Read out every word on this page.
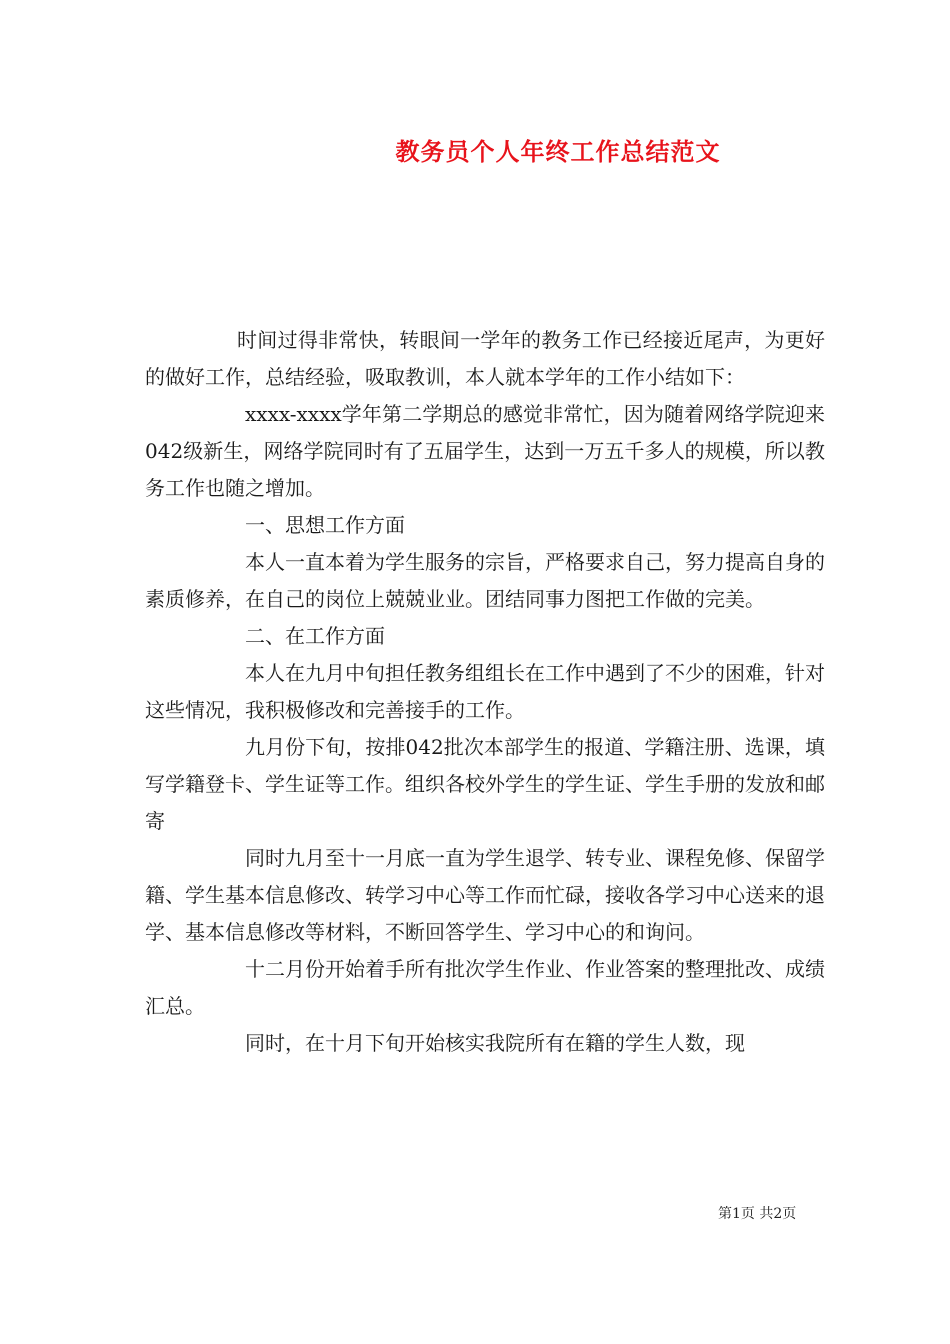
教务员个人年终工作总结范文

时间过得非常快，转眼间一学年的教务工作已经接近尾声，为更好的做好工作，总结经验，吸取教训，本人就本学年的工作小结如下：

xxxx-xxxx学年第二学期总的感觉非常忙，因为随着网络学院迎来042级新生，网络学院同时有了五届学生，达到一万五千多人的规模，所以教务工作也随之增加。

一、思想工作方面

本人一直本着为学生服务的宗旨，严格要求自己，努力提高自身的素质修养，在自己的岗位上兢兢业业。团结同事力图把工作做的完美。

二、在工作方面

本人在九月中旬担任教务组组长在工作中遇到了不少的困难，针对这些情况，我积极修改和完善接手的工作。

九月份下旬，按排042批次本部学生的报道、学籍注册、选课，填写学籍登卡、学生证等工作。组织各校外学生的学生证、学生手册的发放和邮寄

同时九月至十一月底一直为学生退学、转专业、课程免修、保留学籍、学生基本信息修改、转学习中心等工作而忙碌，接收各学习中心送来的退学、基本信息修改等材料，不断回答学生、学习中心的和询问。

十二月份开始着手所有批次学生作业、作业答案的整理批改、成绩汇总。

同时，在十月下旬开始核实我院所有在籍的学生人数，现

第1页 共2页
